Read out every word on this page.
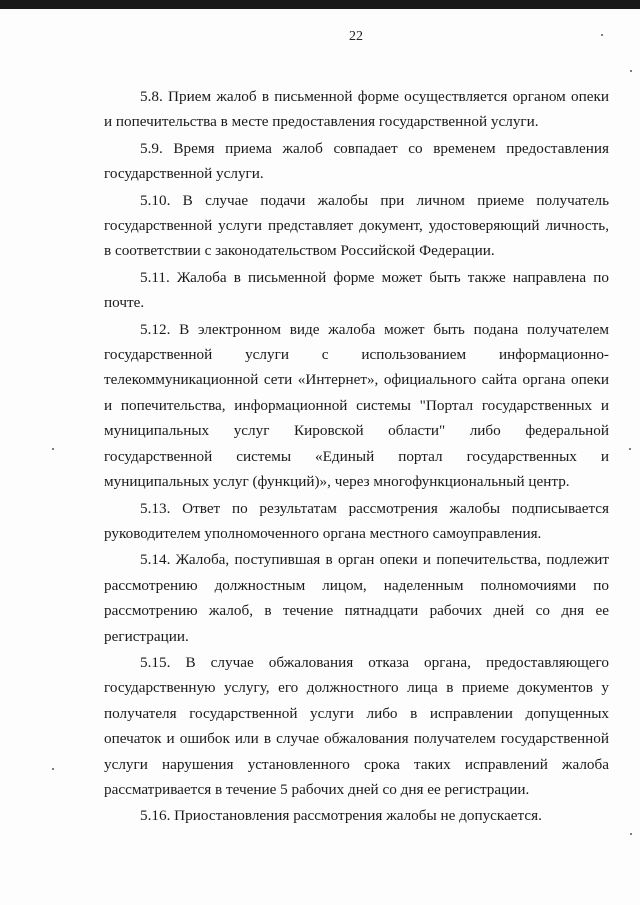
22

5.8. Прием жалоб в письменной форме осуществляется органом опеки и попечительства в месте предоставления государственной услуги.

5.9. Время приема жалоб совпадает со временем предоставления государственной услуги.

5.10. В случае подачи жалобы при личном приеме получатель государственной услуги представляет документ, удостоверяющий личность, в соответствии с законодательством Российской Федерации.

5.11. Жалоба в письменной форме может быть также направлена по почте.

5.12. В электронном виде жалоба может быть подана получателем государственной услуги с использованием информационно-телекоммуникационной сети «Интернет», официального сайта органа опеки и попечительства, информационной системы "Портал государственных и муниципальных услуг Кировской области" либо федеральной государственной системы «Единый портал государственных и муниципальных услуг (функций)», через многофункциональный центр.

5.13. Ответ по результатам рассмотрения жалобы подписывается руководителем уполномоченного органа местного самоуправления.

5.14. Жалоба, поступившая в орган опеки и попечительства, подлежит рассмотрению должностным лицом, наделенным полномочиями по рассмотрению жалоб, в течение пятнадцати рабочих дней со дня ее регистрации.

5.15. В случае обжалования отказа органа, предоставляющего государственную услугу, его должностного лица в приеме документов у получателя государственной услуги либо в исправлении допущенных опечаток и ошибок или в случае обжалования получателем государственной услуги нарушения установленного срока таких исправлений жалоба рассматривается в течение 5 рабочих дней со дня ее регистрации.

5.16. Приостановления рассмотрения жалобы не допускается.
